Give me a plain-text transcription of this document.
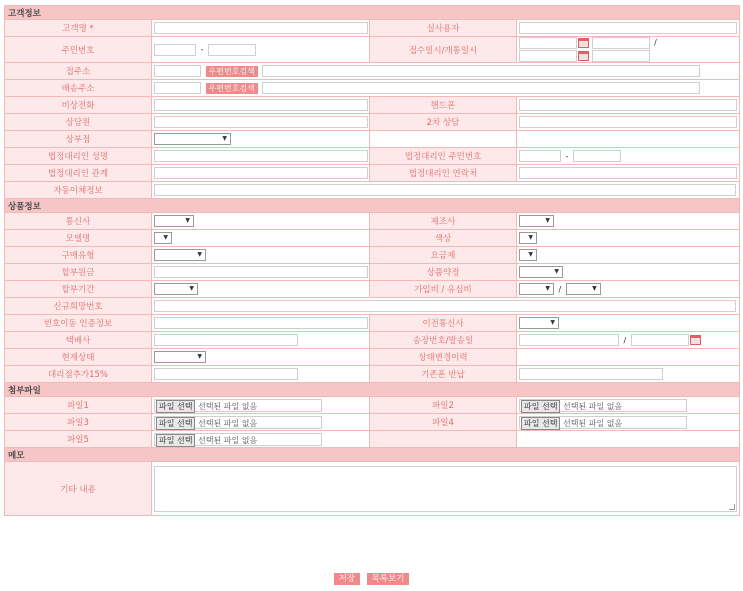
고객정보			
고객명 *		실사용자	
주민번호	-	접수일시/개통일시	/

접주소	우편번호검색		
배송주소	우편번호검색		
비상전화		핸드폰	
상담원		2차 상담	
상부점	▼		
법정대리인 성명		법정대리인 주민번호	-
법정대리인 관계		법정대리인 연락처	
자동이체정보			
상품정보			
통신사	▼	제조사	▼
모델명	▼	색상	▼
구매유형	▼	요금제	▼
할부원금		상품약정	▼
할부기간	▼	가입비 / 유심비	▼/ ▼
신규희망번호			
번호이동 인증정보		이전통신사	▼
택배사		송장번호/발송일	/
현재상태	▼	상태변경이력	
대리점추가15%		기존폰 반납	
첨부파일			
파일1	파일 선택 선택된 파일 없음	파일2	파일 선택 선택된 파일 없음
파일3	파일 선택 선택된 파일 없음	파일4	파일 선택 선택된 파일 없음
파일5	파일 선택 선택된 파일 없음		
메모			
기타 내용			
저장 목록보기
